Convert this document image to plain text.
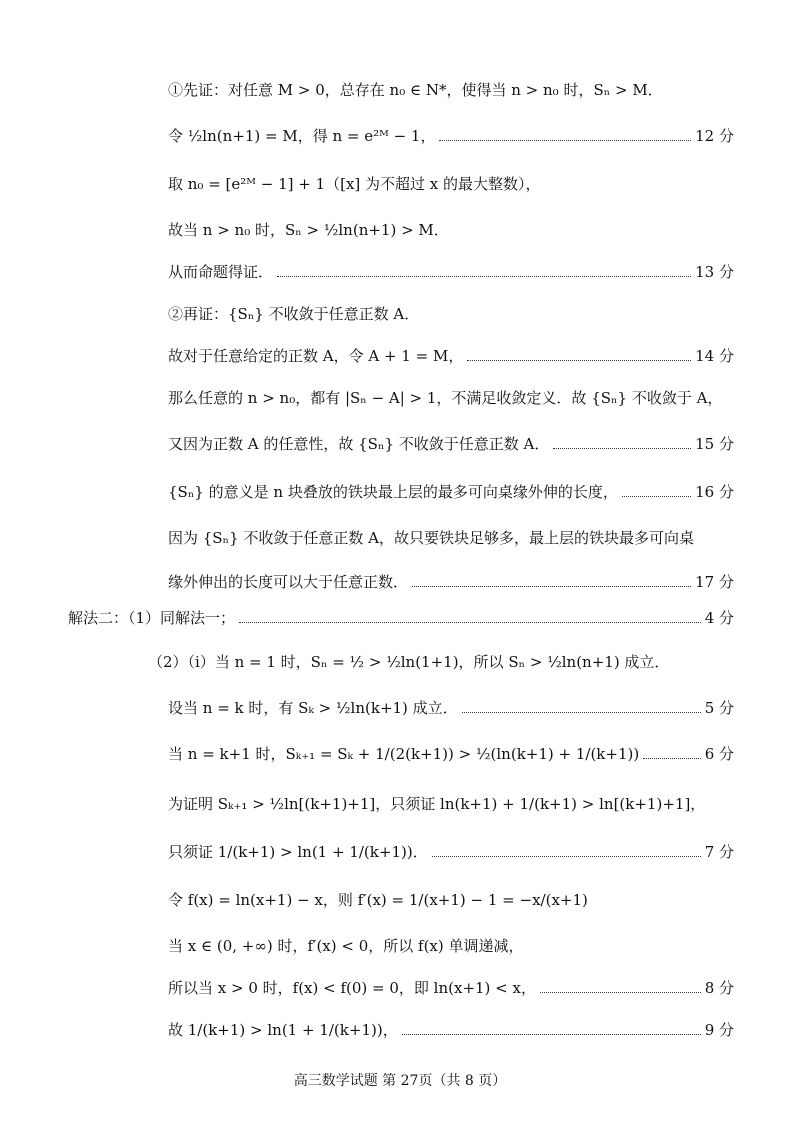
①先证：对任意 M > 0，总存在 n₀ ∈ N*，使得当 n > n₀ 时，Sₙ > M．
令 ½ln(n+1) = M，得 n = e²ᴹ − 1，	12 分
取 n₀ = [e²ᴹ − 1] + 1（[x] 为不超过 x 的最大整数），
故当 n > n₀ 时，Sₙ > ½ln(n+1) > M．
从而命题得证．	13 分
②再证：{Sₙ} 不收敛于任意正数 A．
故对于任意给定的正数 A，令 A + 1 = M，	14 分
那么任意的 n > n₀，都有 |Sₙ − A| > 1，不满足收敛定义．故 {Sₙ} 不收敛于 A，
又因为正数 A 的任意性，故 {Sₙ} 不收敛于任意正数 A．	15 分
{Sₙ} 的意义是 n 块叠放的铁块最上层的最多可向桌缘外伸的长度，	16 分
因为 {Sₙ} 不收敛于任意正数 A，故只要铁块足够多，最上层的铁块最多可向桌
缘外伸出的长度可以大于任意正数．	17 分
解法二：（1）同解法一；	4 分
（2）（i）当 n = 1 时，Sₙ = ½ > ½ln(1+1)，所以 Sₙ > ½ln(n+1) 成立．
设当 n = k 时，有 Sₖ > ½ln(k+1) 成立．	5 分
当 n = k+1 时，Sₖ₊₁ = Sₖ + 1/(2(k+1)) > ½(ln(k+1) + 1/(k+1))	6 分
为证明 Sₖ₊₁ > ½ln[(k+1)+1]，只须证 ln(k+1) + 1/(k+1) > ln[(k+1)+1]，
只须证 1/(k+1) > ln(1 + 1/(k+1))．	7 分
令 f(x) = ln(x+1) − x，则 f′(x) = 1/(x+1) − 1 = −x/(x+1)
当 x ∈ (0, +∞) 时，f′(x) < 0，所以 f(x) 单调递减，
所以当 x > 0 时，f(x) < f(0) = 0，即 ln(x+1) < x，	8 分
故 1/(k+1) > ln(1 + 1/(k+1))，	9 分
高三数学试题 第 27页（共 8 页）
